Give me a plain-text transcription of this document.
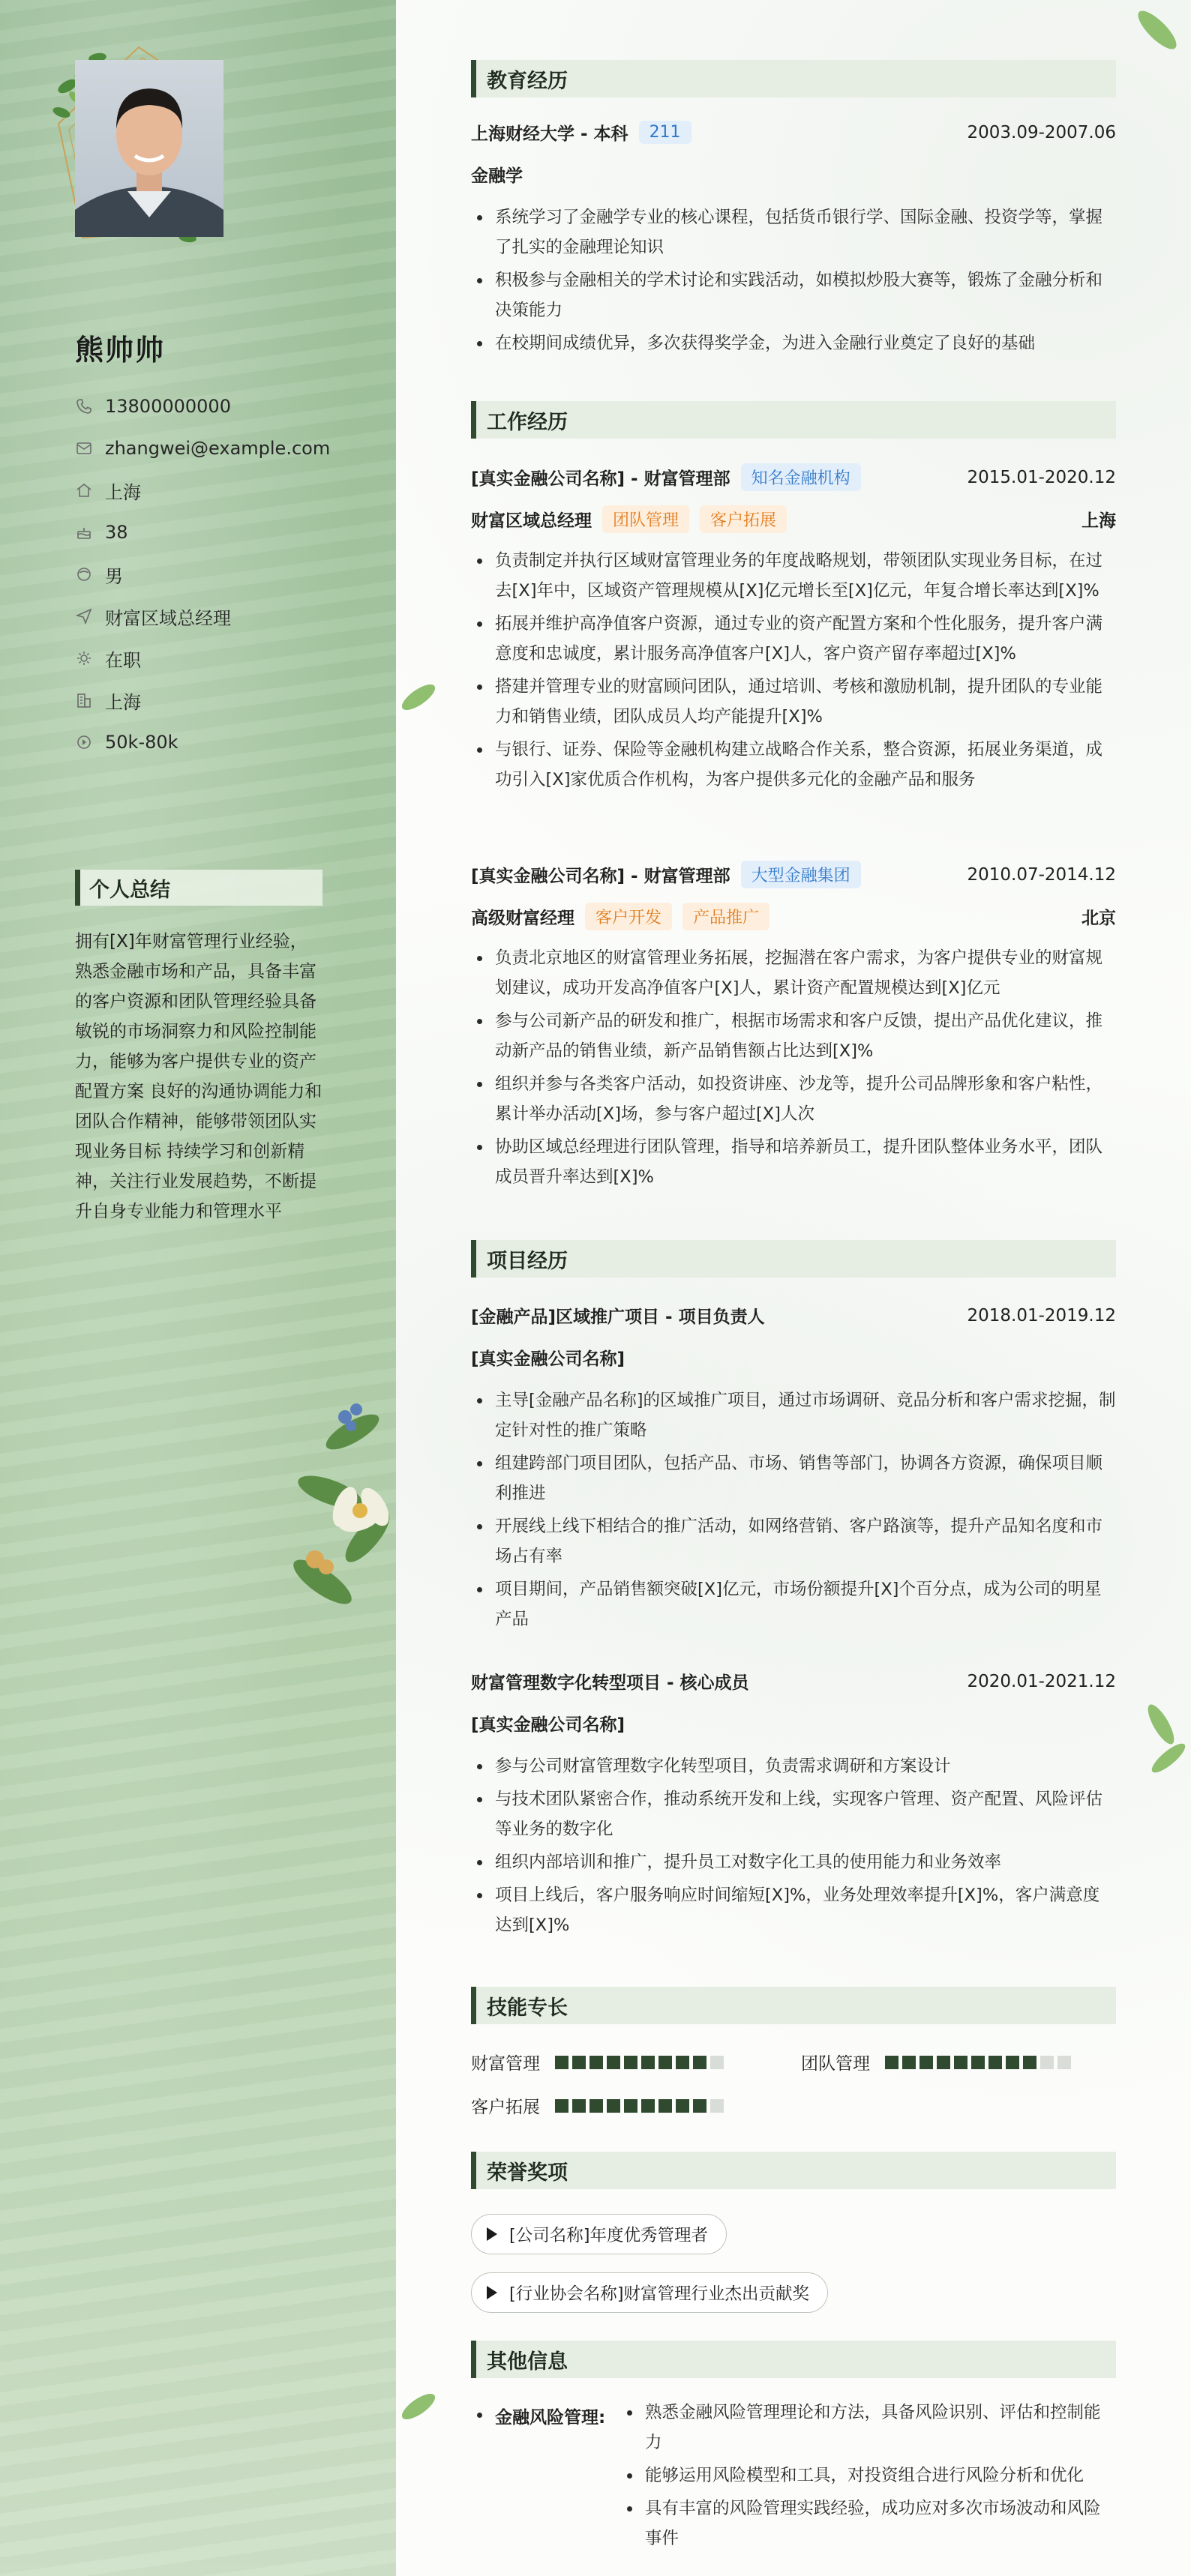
熊帅帅
13800000000
zhangwei@example.com
上海
38
男
财富区域总经理
在职
上海
50k-80k
个人总结
拥有[X]年财富管理行业经验，熟悉金融市场和产品，具备丰富的客户资源和团队管理经验具备敏锐的市场洞察力和风险控制能力，能够为客户提供专业的资产配置方案 良好的沟通协调能力和团队合作精神，能够带领团队实现业务目标 持续学习和创新精神，关注行业发展趋势，不断提升自身专业能力和管理水平
教育经历
上海财经大学 - 本科	211	2003.09-2007.06
金融学
系统学习了金融学专业的核心课程，包括货币银行学、国际金融、投资学等，掌握了扎实的金融理论知识
积极参与金融相关的学术讨论和实践活动，如模拟炒股大赛等，锻炼了金融分析和决策能力
在校期间成绩优异，多次获得奖学金，为进入金融行业奠定了良好的基础
工作经历
[真实金融公司名称] - 财富管理部	知名金融机构	2015.01-2020.12
财富区域总经理	团队管理	客户拓展	上海
负责制定并执行区域财富管理业务的年度战略规划，带领团队实现业务目标，在过去[X]年中，区域资产管理规模从[X]亿元增长至[X]亿元，年复合增长率达到[X]%
拓展并维护高净值客户资源，通过专业的资产配置方案和个性化服务，提升客户满意度和忠诚度，累计服务高净值客户[X]人，客户资产留存率超过[X]%
搭建并管理专业的财富顾问团队，通过培训、考核和激励机制，提升团队的专业能力和销售业绩，团队成员人均产能提升[X]%
与银行、证券、保险等金融机构建立战略合作关系，整合资源，拓展业务渠道，成功引入[X]家优质合作机构，为客户提供多元化的金融产品和服务
[真实金融公司名称] - 财富管理部	大型金融集团	2010.07-2014.12
高级财富经理	客户开发	产品推广	北京
负责北京地区的财富管理业务拓展，挖掘潜在客户需求，为客户提供专业的财富规划建议，成功开发高净值客户[X]人，累计资产配置规模达到[X]亿元
参与公司新产品的研发和推广，根据市场需求和客户反馈，提出产品优化建议，推动新产品的销售业绩，新产品销售额占比达到[X]%
组织并参与各类客户活动，如投资讲座、沙龙等，提升公司品牌形象和客户粘性，累计举办活动[X]场，参与客户超过[X]人次
协助区域总经理进行团队管理，指导和培养新员工，提升团队整体业务水平，团队成员晋升率达到[X]%
项目经历
[金融产品]区域推广项目 - 项目负责人	2018.01-2019.12
[真实金融公司名称]
主导[金融产品名称]的区域推广项目，通过市场调研、竞品分析和客户需求挖掘，制定针对性的推广策略
组建跨部门项目团队，包括产品、市场、销售等部门，协调各方资源，确保项目顺利推进
开展线上线下相结合的推广活动，如网络营销、客户路演等，提升产品知名度和市场占有率
项目期间，产品销售额突破[X]亿元，市场份额提升[X]个百分点，成为公司的明星产品
财富管理数字化转型项目 - 核心成员	2020.01-2021.12
[真实金融公司名称]
参与公司财富管理数字化转型项目，负责需求调研和方案设计
与技术团队紧密合作，推动系统开发和上线，实现客户管理、资产配置、风险评估等业务的数字化
组织内部培训和推广，提升员工对数字化工具的使用能力和业务效率
项目上线后，客户服务响应时间缩短[X]%，业务处理效率提升[X]%，客户满意度达到[X]%
技能专长
财富管理	团队管理
客户拓展
荣誉奖项
[公司名称]年度优秀管理者
[行业协会名称]财富管理行业杰出贡献奖
其他信息
金融风险管理:	熟悉金融风险管理理论和方法，具备风险识别、评估和控制能力
能够运用风险模型和工具，对投资组合进行风险分析和优化
具有丰富的风险管理实践经验，成功应对多次市场波动和风险事件
